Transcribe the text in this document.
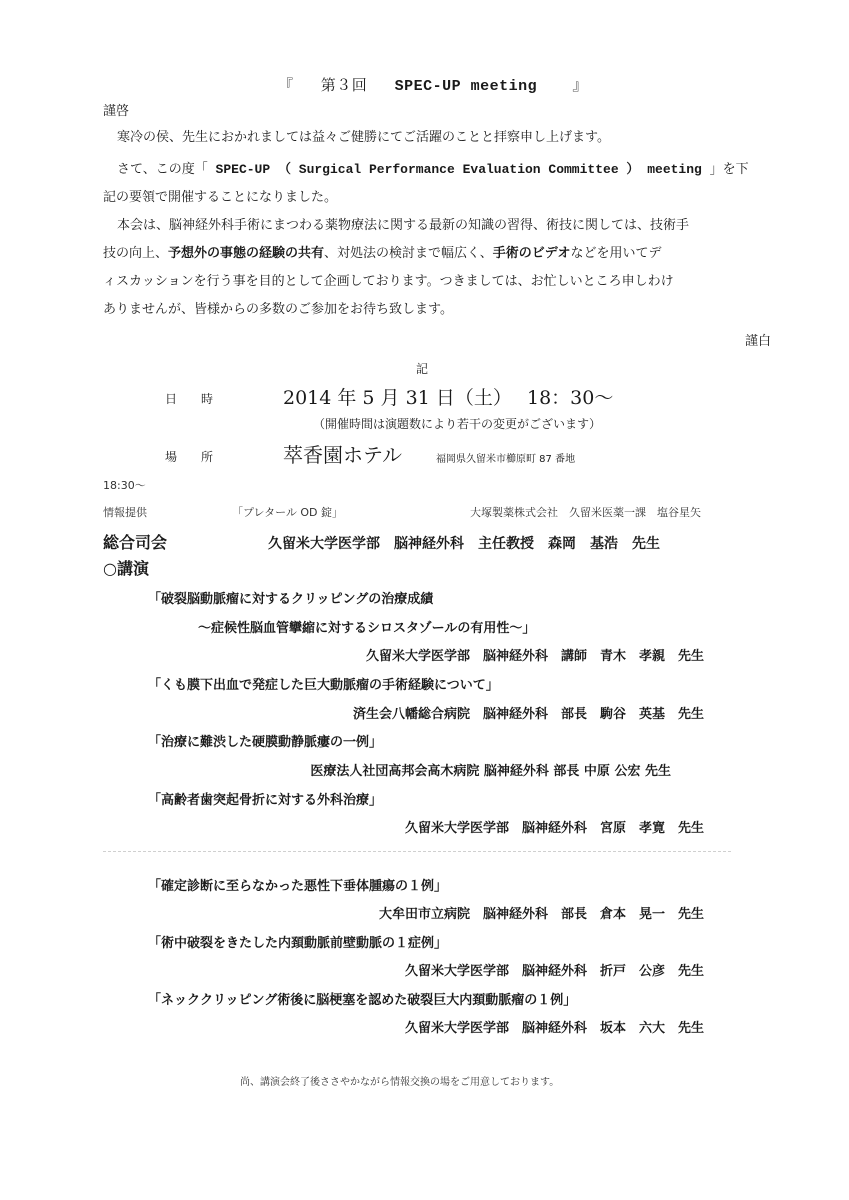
『 第３回 SPEC-UP meeting 』
謹啓
寒冷の侯、先生におかれましては益々ご健勝にてご活躍のことと拝察申し上げます。
さて、この度「 SPEC-UP （ Surgical Performance Evaluation Committee ） meeting 」を下
記の要領で開催することになりました。
本会は、脳神経外科手術にまつわる薬物療法に関する最新の知識の習得、術技に関しては、技術手
技の向上、予想外の事態の経験の共有、対処法の検討まで幅広く、手術のビデオなどを用いてデ
ィスカッションを行う事を目的として企画しております。つきましては、お忙しいところ申しわけ
ありませんが、皆様からの多数のご参加をお待ち致します。
謹白
記
日　　時	2014 年 5 月 31 日（土） 18：30～
（開催時間は演題数により若干の変更がございます）
場　　所	萃香園ホテル	福岡県久留米市櫛原町 87 番地
18:30～
情報提供	「プレタール OD 錠」	大塚製薬株式会社　久留米医薬一課　塩谷星矢
総合司会	久留米大学医学部　脳神経外科　主任教授　森岡　基浩　先生
○講演
「破裂脳動脈瘤に対するクリッピングの治療成績
～症候性脳血管攣縮に対するシロスタゾールの有用性～」
久留米大学医学部　脳神経外科　講師　青木　孝親　先生
「くも膜下出血で発症した巨大動脈瘤の手術経験について」
済生会八幡総合病院　脳神経外科　部長　駒谷　英基　先生
「治療に難渋した硬膜動静脈瘻の一例」
医療法人社団高邦会高木病院 脳神経外科 部長 中原 公宏 先生
「高齢者歯突起骨折に対する外科治療」
久留米大学医学部　脳神経外科　宮原　孝寛　先生
「確定診断に至らなかった悪性下垂体腫瘍の１例」
大牟田市立病院　脳神経外科　部長　倉本　晃一　先生
「術中破裂をきたした内頚動脈前壁動脈の１症例」
久留米大学医学部　脳神経外科　折戸　公彦　先生
「ネッククリッピング術後に脳梗塞を認めた破裂巨大内頚動脈瘤の１例」
久留米大学医学部　脳神経外科　坂本　六大　先生
尚、講演会終了後ささやかながら情報交換の場をご用意しております。
